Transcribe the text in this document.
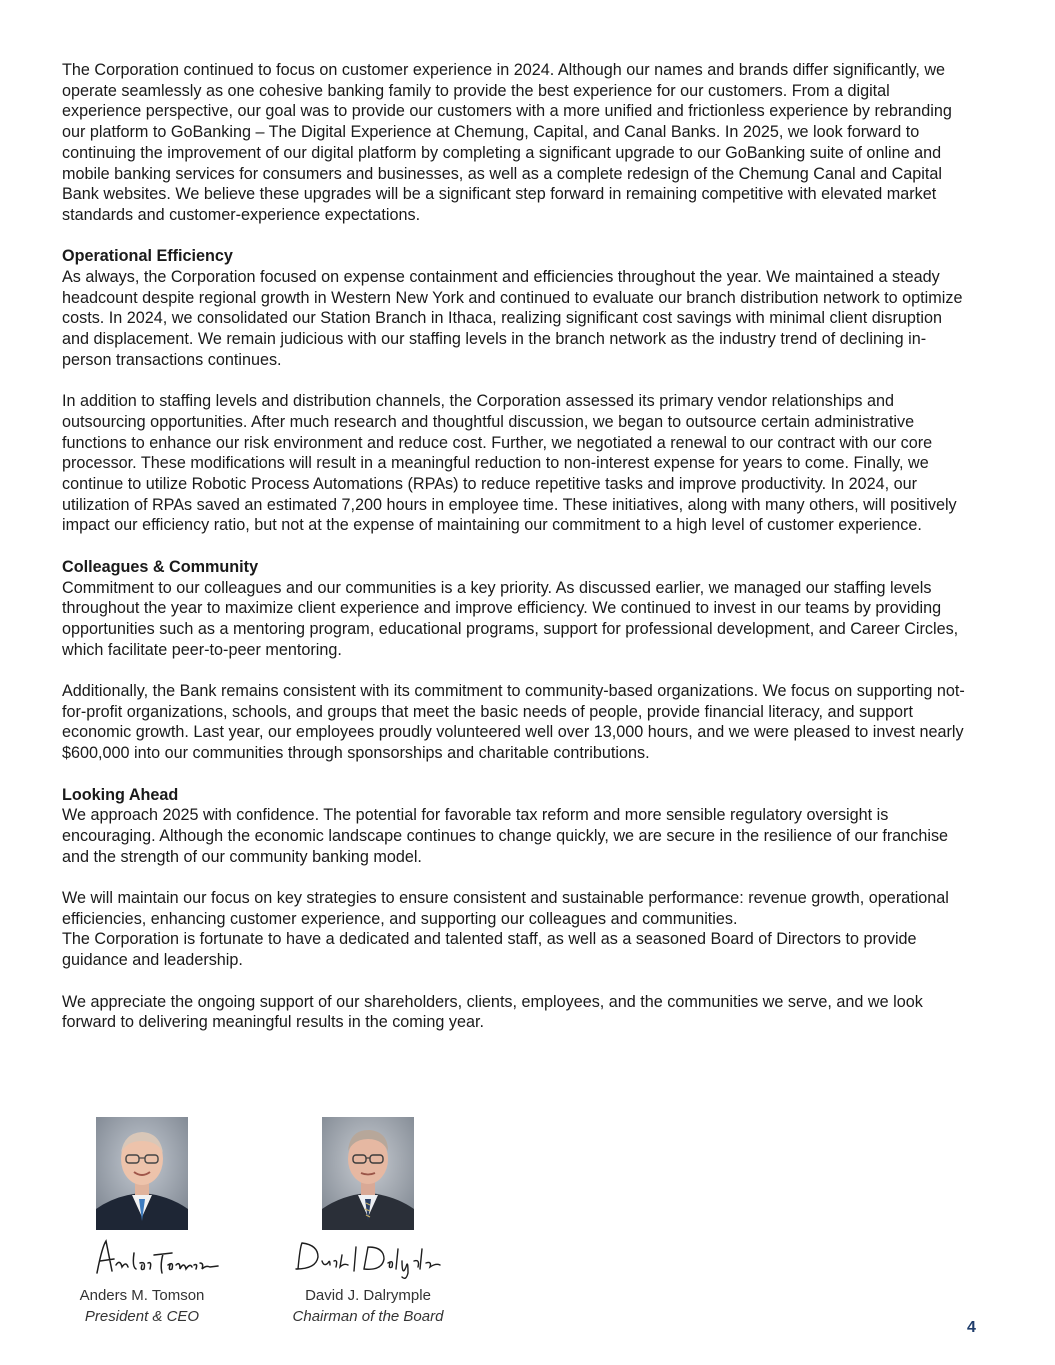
The Corporation continued to focus on customer experience in 2024. Although our names and brands differ significantly, we operate seamlessly as one cohesive banking family to provide the best experience for our customers. From a digital experience perspective, our goal was to provide our customers with a more unified and frictionless experience by rebranding our platform to GoBanking – The Digital Experience at Chemung, Capital, and Canal Banks. In 2025, we look forward to continuing the improvement of our digital platform by completing a significant upgrade to our GoBanking suite of online and mobile banking services for consumers and businesses, as well as a complete redesign of the Chemung Canal and Capital Bank websites. We believe these upgrades will be a significant step forward in remaining competitive with elevated market standards and customer-experience expectations.

Operational Efficiency

As always, the Corporation focused on expense containment and efficiencies throughout the year. We maintained a steady headcount despite regional growth in Western New York and continued to evaluate our branch distribution network to optimize costs. In 2024, we consolidated our Station Branch in Ithaca, realizing significant cost savings with minimal client disruption and displacement. We remain judicious with our staffing levels in the branch network as the industry trend of declining in-person transactions continues.

In addition to staffing levels and distribution channels, the Corporation assessed its primary vendor relationships and outsourcing opportunities. After much research and thoughtful discussion, we began to outsource certain administrative functions to enhance our risk environment and reduce cost. Further, we negotiated a renewal to our contract with our core processor. These modifications will result in a meaningful reduction to non-interest expense for years to come. Finally, we continue to utilize Robotic Process Automations (RPAs) to reduce repetitive tasks and improve productivity. In 2024, our utilization of RPAs saved an estimated 7,200 hours in employee time. These initiatives, along with many others, will positively impact our efficiency ratio, but not at the expense of maintaining our commitment to a high level of customer experience.

Colleagues & Community

Commitment to our colleagues and our communities is a key priority. As discussed earlier, we managed our staffing levels throughout the year to maximize client experience and improve efficiency. We continued to invest in our teams by providing opportunities such as a mentoring program, educational programs, support for professional development, and Career Circles, which facilitate peer-to-peer mentoring.

Additionally, the Bank remains consistent with its commitment to community-based organizations. We focus on supporting not-for-profit organizations, schools, and groups that meet the basic needs of people, provide financial literacy, and support economic growth. Last year, our employees proudly volunteered well over 13,000 hours, and we were pleased to invest nearly $600,000 into our communities through sponsorships and charitable contributions.

Looking Ahead

We approach 2025 with confidence. The potential for favorable tax reform and more sensible regulatory oversight is encouraging. Although the economic landscape continues to change quickly, we are secure in the resilience of our franchise and the strength of our community banking model.

We will maintain our focus on key strategies to ensure consistent and sustainable performance: revenue growth, operational efficiencies, enhancing customer experience, and supporting our colleagues and communities.
The Corporation is fortunate to have a dedicated and talented staff, as well as a seasoned Board of Directors to provide guidance and leadership.

We appreciate the ongoing support of our shareholders, clients, employees, and the communities we serve, and we look forward to delivering meaningful results in the coming year.

Anders M. Tomson
President & CEO
David J. Dalrymple
Chairman of the Board
4
